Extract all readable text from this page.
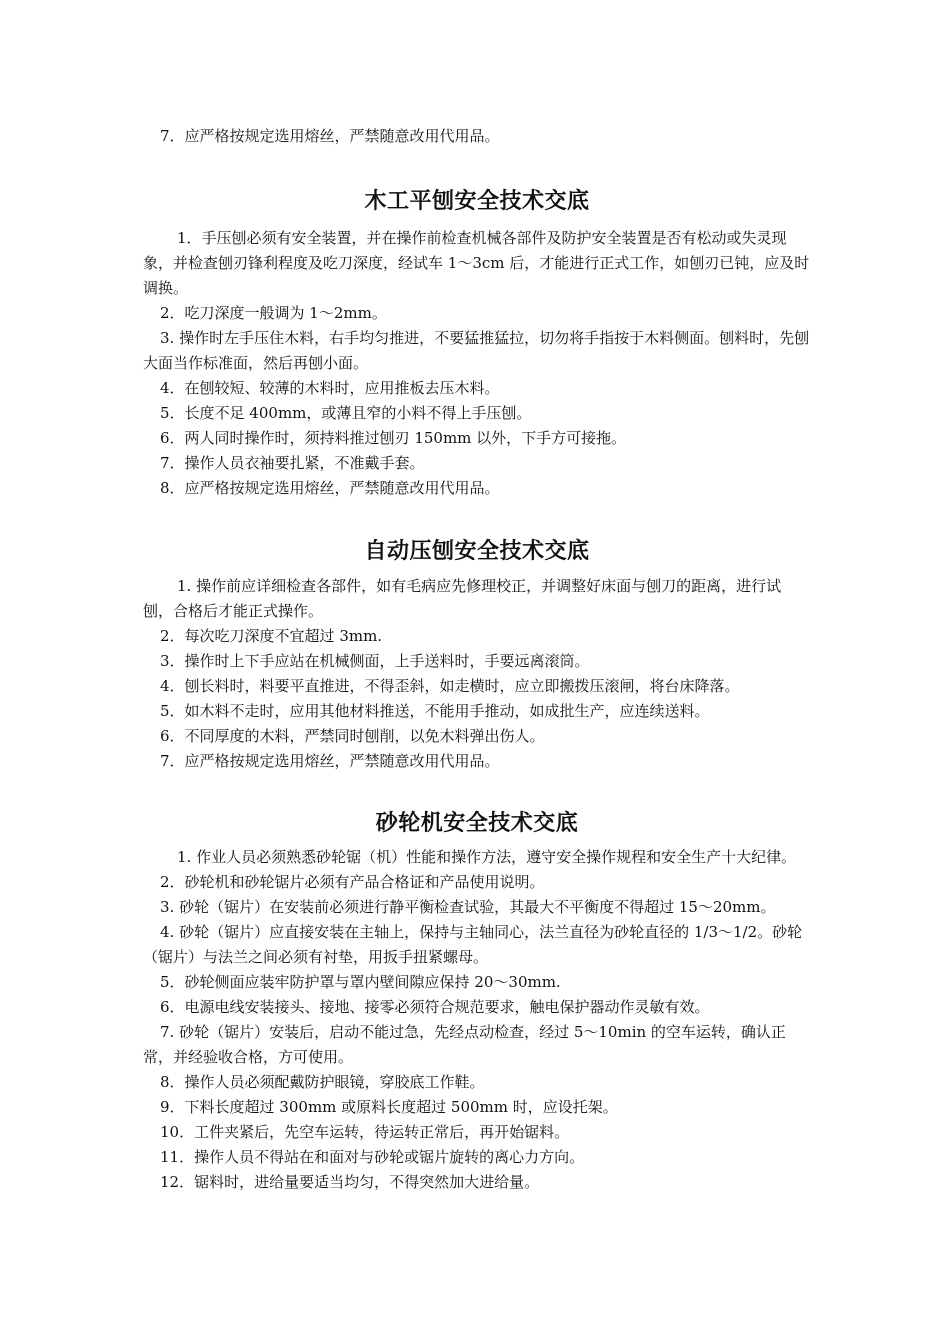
7．应严格按规定选用熔丝，严禁随意改用代用品。

木工平刨安全技术交底

1．手压刨必须有安全装置，并在操作前检查机械各部件及防护安全装置是否有松动或失灵现象，并检查刨刃锋利程度及吃刀深度，经试车 1～3cm 后，才能进行正式工作，如刨刃已钝，应及时调换。

2．吃刀深度一般调为 1～2mm。

3. 操作时左手压住木料，右手均匀推进，不要猛推猛拉，切勿将手指按于木料侧面。刨料时，先刨大面当作标准面，然后再刨小面。

4．在刨较短、较薄的木料时，应用推板去压木料。

5．长度不足 400mm，或薄且窄的小料不得上手压刨。

6．两人同时操作时，须持料推过刨刃 150mm 以外，下手方可接拖。

7．操作人员衣袖要扎紧，不准戴手套。

8．应严格按规定选用熔丝，严禁随意改用代用品。

自动压刨安全技术交底

1. 操作前应详细检查各部件，如有毛病应先修理校正，并调整好床面与刨刀的距离，进行试刨，合格后才能正式操作。

2．每次吃刀深度不宜超过 3mm.

3．操作时上下手应站在机械侧面，上手送料时，手要远离滚筒。

4．刨长料时，料要平直推进，不得歪斜，如走横时，应立即搬拨压滚闸，将台床降落。

5．如木料不走时，应用其他材料推送，不能用手推动，如成批生产，应连续送料。

6．不同厚度的木料，严禁同时刨削，以免木料弹出伤人。

7．应严格按规定选用熔丝，严禁随意改用代用品。

砂轮机安全技术交底

1. 作业人员必须熟悉砂轮锯（机）性能和操作方法，遵守安全操作规程和安全生产十大纪律。

2．砂轮机和砂轮锯片必须有产品合格证和产品使用说明。

3. 砂轮（锯片）在安装前必须进行静平衡检查试验，其最大不平衡度不得超过 15～20mm。

4. 砂轮（锯片）应直接安装在主轴上，保持与主轴同心，法兰直径为砂轮直径的 1/3～1/2。砂轮（锯片）与法兰之间必须有衬垫，用扳手扭紧螺母。

5．砂轮侧面应装牢防护罩与罩内壁间隙应保持 20～30mm.

6．电源电线安装接头、接地、接零必须符合规范要求，触电保护器动作灵敏有效。

7. 砂轮（锯片）安装后，启动不能过急，先经点动检查，经过 5～10min 的空车运转，确认正常，并经验收合格，方可使用。

8．操作人员必须配戴防护眼镜，穿胶底工作鞋。

9．下料长度超过 300mm 或原料长度超过 500mm 时，应设托架。

10．工件夹紧后，先空车运转，待运转正常后，再开始锯料。

11．操作人员不得站在和面对与砂轮或锯片旋转的离心力方向。

12．锯料时，进给量要适当均匀，不得突然加大进给量。
